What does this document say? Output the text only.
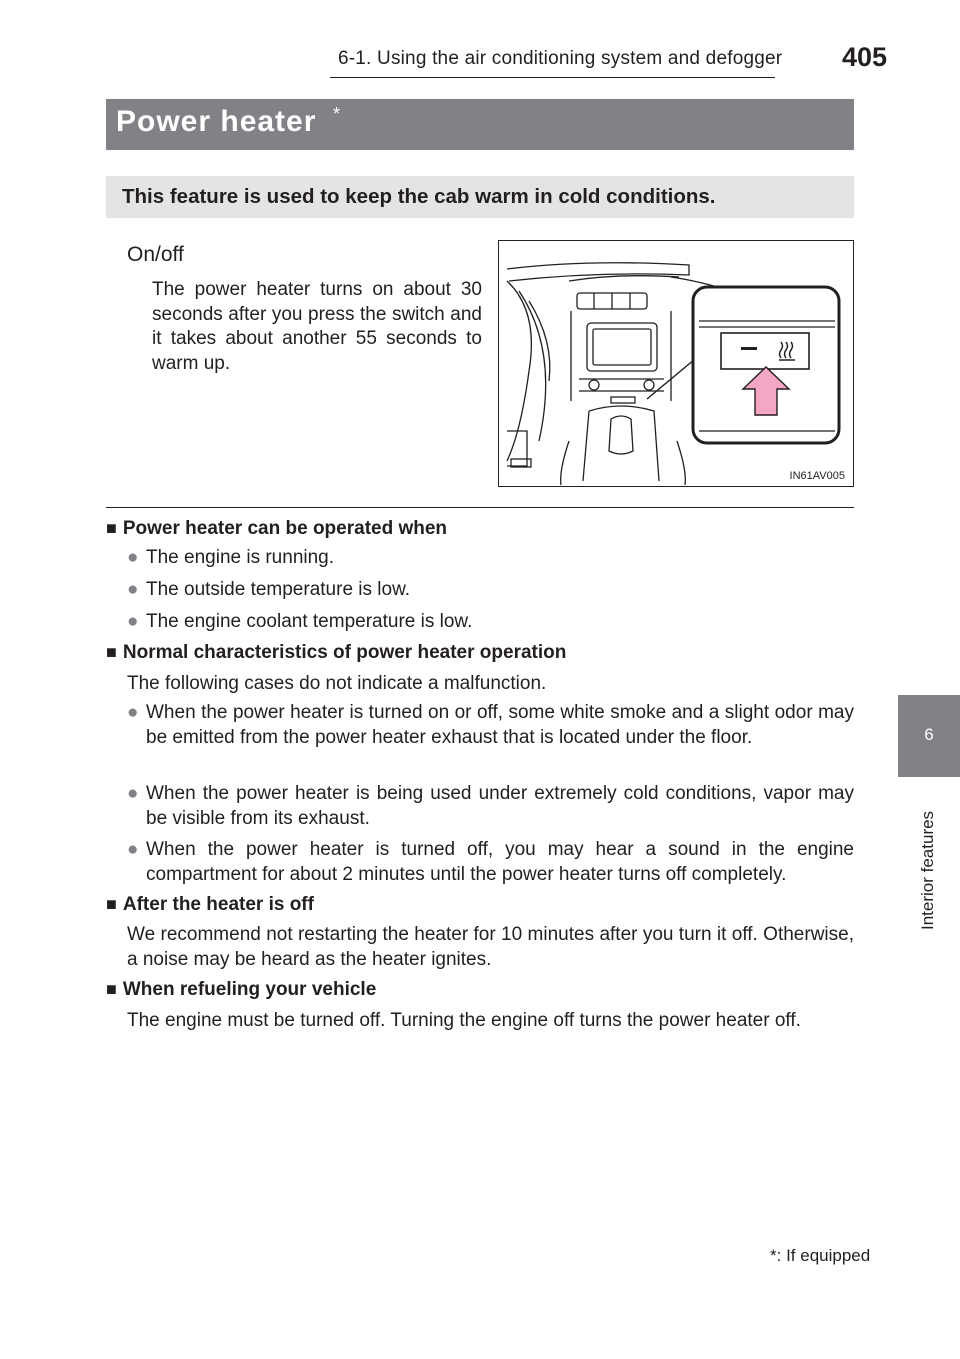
6-1. Using the air conditioning system and defogger 405
Power heater *
This feature is used to keep the cab warm in cold conditions.
On/off
The power heater turns on about 30 seconds after you press the switch and it takes about another 55 seconds to warm up.
IN61AV005
■ Power heater can be operated when
● The engine is running.
● The outside temperature is low.
● The engine coolant temperature is low.
■ Normal characteristics of power heater operation
The following cases do not indicate a malfunction.
● When the power heater is turned on or off, some white smoke and a slight odor may be emitted from the power heater exhaust that is located under the floor.
● When the power heater is being used under extremely cold conditions, vapor may be visible from its exhaust.
● When the power heater is turned off, you may hear a sound in the engine compartment for about 2 minutes until the power heater turns off completely.
■ After the heater is off
We recommend not restarting the heater for 10 minutes after you turn it off. Otherwise, a noise may be heard as the heater ignites.
■ When refueling your vehicle
The engine must be turned off. Turning the engine off turns the power heater off.
*: If equipped
6
Interior features
